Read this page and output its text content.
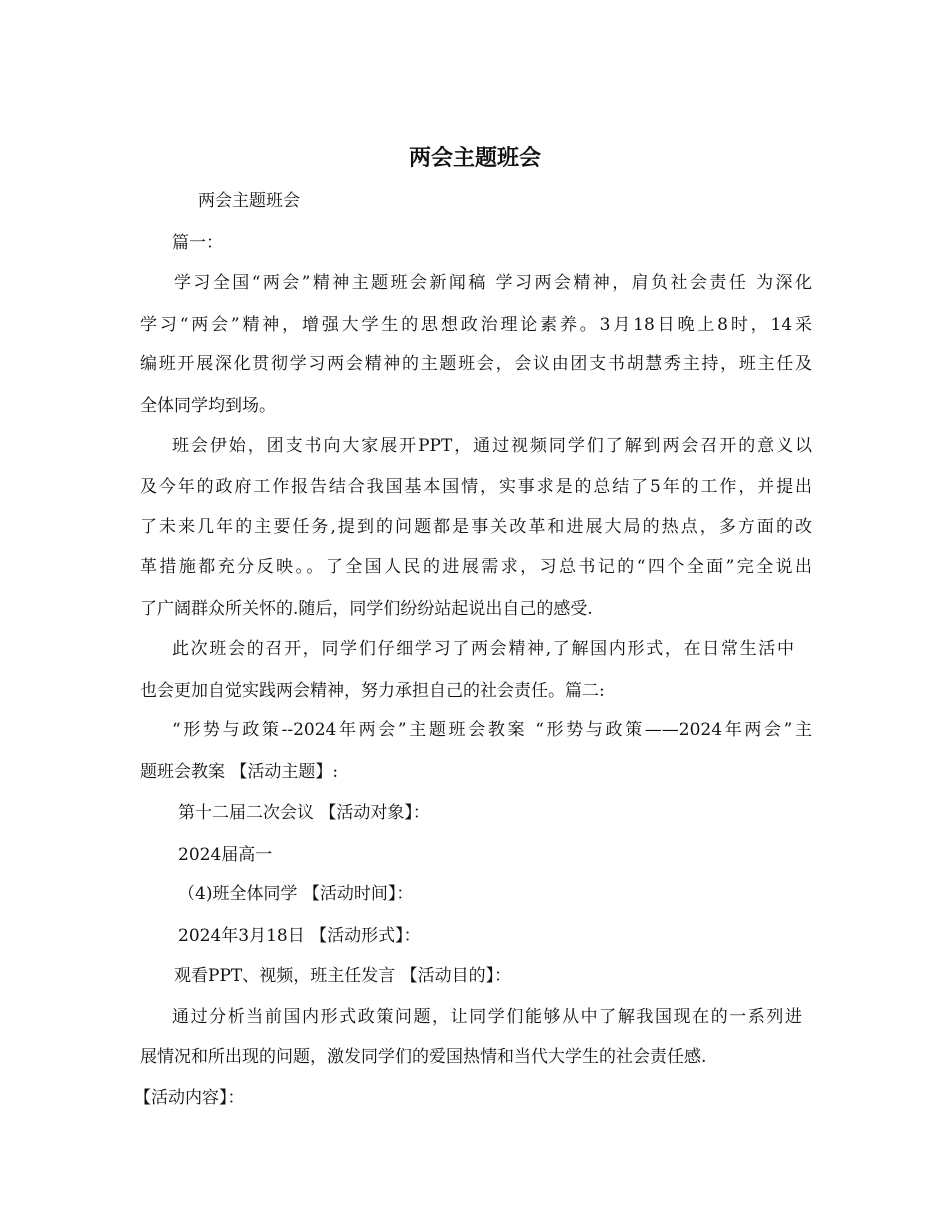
两会主题班会
两会主题班会
篇一：
学习全国“两会”精神主题班会新闻稿 学习两会精神，肩负社会责任 为深化
学习“两会”精神，增强大学生的思想政治理论素养。3月18日晚上8时，14采
编班开展深化贯彻学习两会精神的主题班会，会议由团支书胡慧秀主持，班主任及
全体同学均到场。
班会伊始，团支书向大家展开PPT，通过视频同学们了解到两会召开的意义以
及今年的政府工作报告结合我国基本国情，实事求是的总结了5年的工作，并提出
了未来几年的主要任务,提到的问题都是事关改革和进展大局的热点，多方面的改
革措施都充分反映。。了全国人民的进展需求，习总书记的“四个全面”完全说出
了广阔群众所关怀的.随后，同学们纷纷站起说出自己的感受.
此次班会的召开，同学们仔细学习了两会精神,了解国内形式，在日常生活中
也会更加自觉实践两会精神，努力承担自己的社会责任。篇二:
“形势与政策--2024年两会”主题班会教案 “形势与政策——2024年两会”主
题班会教案 【活动主题】:
第十二届二次会议 【活动对象】：
2024届高一
（4)班全体同学 【活动时间】：
2024年3月18日 【活动形式】：
观看PPT、视频，班主任发言 【活动目的】：
通过分析当前国内形式政策问题，让同学们能够从中了解我国现在的一系列进
展情况和所出现的问题，激发同学们的爱国热情和当代大学生的社会责任感.
【活动内容】：
